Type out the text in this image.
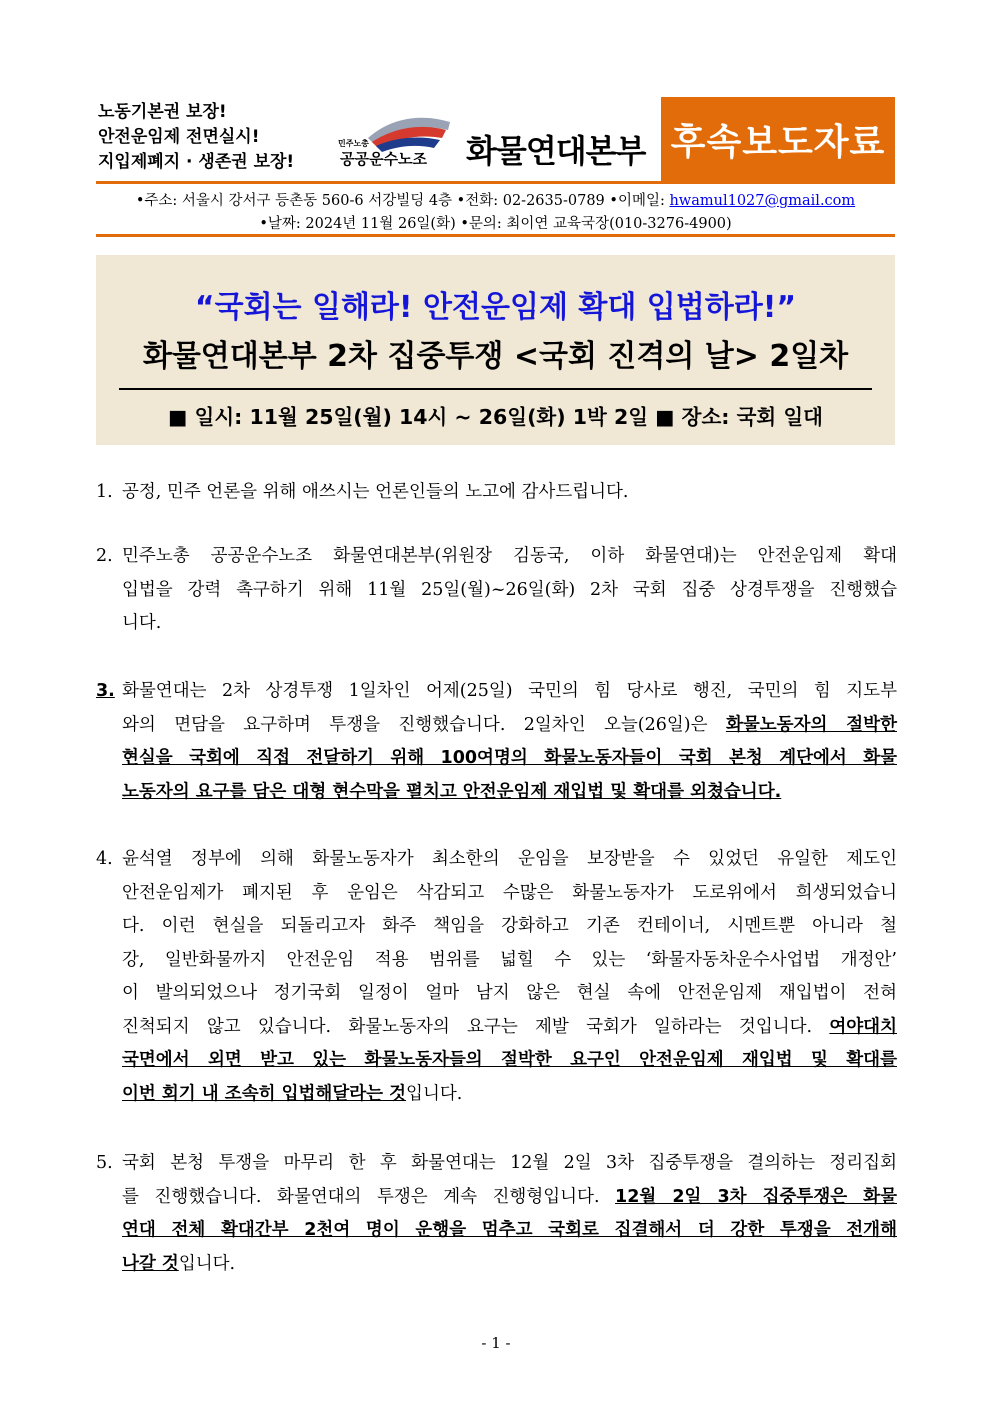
노동기본권 보장!
안전운임제 전면실시!
지입제폐지 · 생존권 보장!
민주노총
공공운수노조 화물연대본부 후속보도자료
•주소: 서울시 강서구 등촌동 560-6 서강빌딩 4층 •전화: 02-2635-0789 •이메일: hwamul1027@gmail.com
•날짜: 2024년 11월 26일(화) •문의: 최이연 교육국장(010-3276-4900)
“국회는 일해라! 안전운임제 확대 입법하라!”
화물연대본부 2차 집중투쟁 <국회 진격의 날> 2일차
■ 일시: 11월 25일(월) 14시 ~ 26일(화) 1박 2일 ■ 장소: 국회 일대
1. 공정, 민주 언론을 위해 애쓰시는 언론인들의 노고에 감사드립니다.
2. 민주노총 공공운수노조 화물연대본부(위원장 김동국, 이하 화물연대)는 안전운임제 확대
입법을 강력 촉구하기 위해 11월 25일(월)~26일(화) 2차 국회 집중 상경투쟁을 진행했습
니다.
3. 화물연대는 2차 상경투쟁 1일차인 어제(25일) 국민의 힘 당사로 행진, 국민의 힘 지도부
와의 면담을 요구하며 투쟁을 진행했습니다. 2일차인 오늘(26일)은 화물노동자의 절박한
현실을 국회에 직접 전달하기 위해 100여명의 화물노동자들이 국회 본청 계단에서 화물
노동자의 요구를 담은 대형 현수막을 펼치고 안전운임제 재입법 및 확대를 외쳤습니다.
4. 윤석열 정부에 의해 화물노동자가 최소한의 운임을 보장받을 수 있었던 유일한 제도인
안전운임제가 폐지된 후 운임은 삭감되고 수많은 화물노동자가 도로위에서 희생되었습니
다. 이런 현실을 되돌리고자 화주 책임을 강화하고 기존 컨테이너, 시멘트뿐 아니라 철
강, 일반화물까지 안전운임 적용 범위를 넓힐 수 있는 ‘화물자동차운수사업법 개정안’
이 발의되었으나 정기국회 일정이 얼마 남지 않은 현실 속에 안전운임제 재입법이 전혀
진척되지 않고 있습니다. 화물노동자의 요구는 제발 국회가 일하라는 것입니다. 여야대치
국면에서 외면 받고 있는 화물노동자들의 절박한 요구인 안전운임제 재입법 및 확대를
이번 회기 내 조속히 입법해달라는 것입니다.
5. 국회 본청 투쟁을 마무리 한 후 화물연대는 12월 2일 3차 집중투쟁을 결의하는 정리집회
를 진행했습니다. 화물연대의 투쟁은 계속 진행형입니다. 12월 2일 3차 집중투쟁은 화물
연대 전체 확대간부 2천여 명이 운행을 멈추고 국회로 집결해서 더 강한 투쟁을 전개해
나갈 것입니다.
- 1 -
